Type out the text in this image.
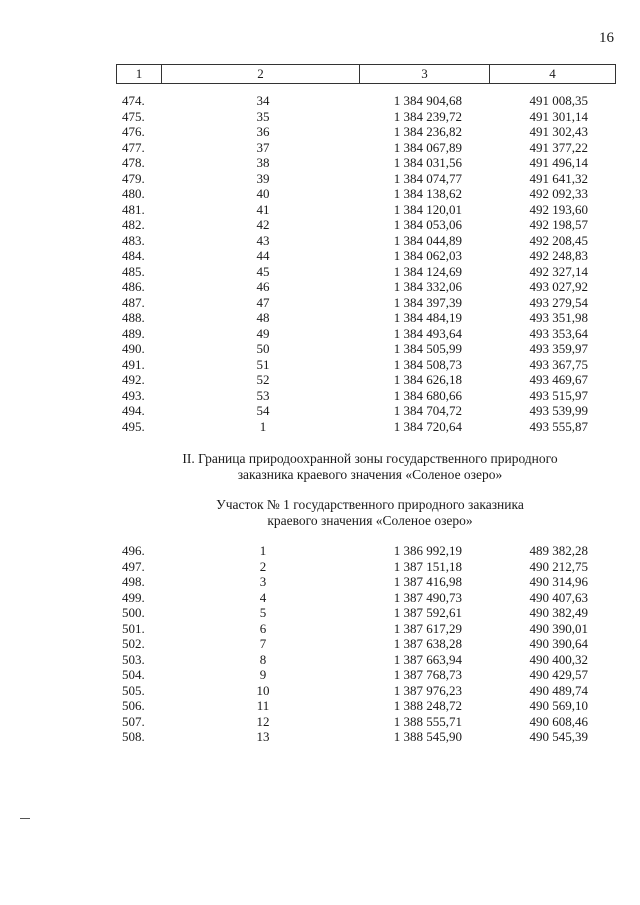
16
1	2	3	4
474.	34	1 384 904,68	491 008,35
475.	35	1 384 239,72	491 301,14
476.	36	1 384 236,82	491 302,43
477.	37	1 384 067,89	491 377,22
478.	38	1 384 031,56	491 496,14
479.	39	1 384 074,77	491 641,32
480.	40	1 384 138,62	492 092,33
481.	41	1 384 120,01	492 193,60
482.	42	1 384 053,06	492 198,57
483.	43	1 384 044,89	492 208,45
484.	44	1 384 062,03	492 248,83
485.	45	1 384 124,69	492 327,14
486.	46	1 384 332,06	493 027,92
487.	47	1 384 397,39	493 279,54
488.	48	1 384 484,19	493 351,98
489.	49	1 384 493,64	493 353,64
490.	50	1 384 505,99	493 359,97
491.	51	1 384 508,73	493 367,75
492.	52	1 384 626,18	493 469,67
493.	53	1 384 680,66	493 515,97
494.	54	1 384 704,72	493 539,99
495.	1	1 384 720,64	493 555,87
II. Граница природоохранной зоны государственного природного
заказника краевого значения «Соленое озеро»
Участок № 1 государственного природного заказника
краевого значения «Соленое озеро»
496.	1	1 386 992,19	489 382,28
497.	2	1 387 151,18	490 212,75
498.	3	1 387 416,98	490 314,96
499.	4	1 387 490,73	490 407,63
500.	5	1 387 592,61	490 382,49
501.	6	1 387 617,29	490 390,01
502.	7	1 387 638,28	490 390,64
503.	8	1 387 663,94	490 400,32
504.	9	1 387 768,73	490 429,57
505.	10	1 387 976,23	490 489,74
506.	11	1 388 248,72	490 569,10
507.	12	1 388 555,71	490 608,46
508.	13	1 388 545,90	490 545,39
